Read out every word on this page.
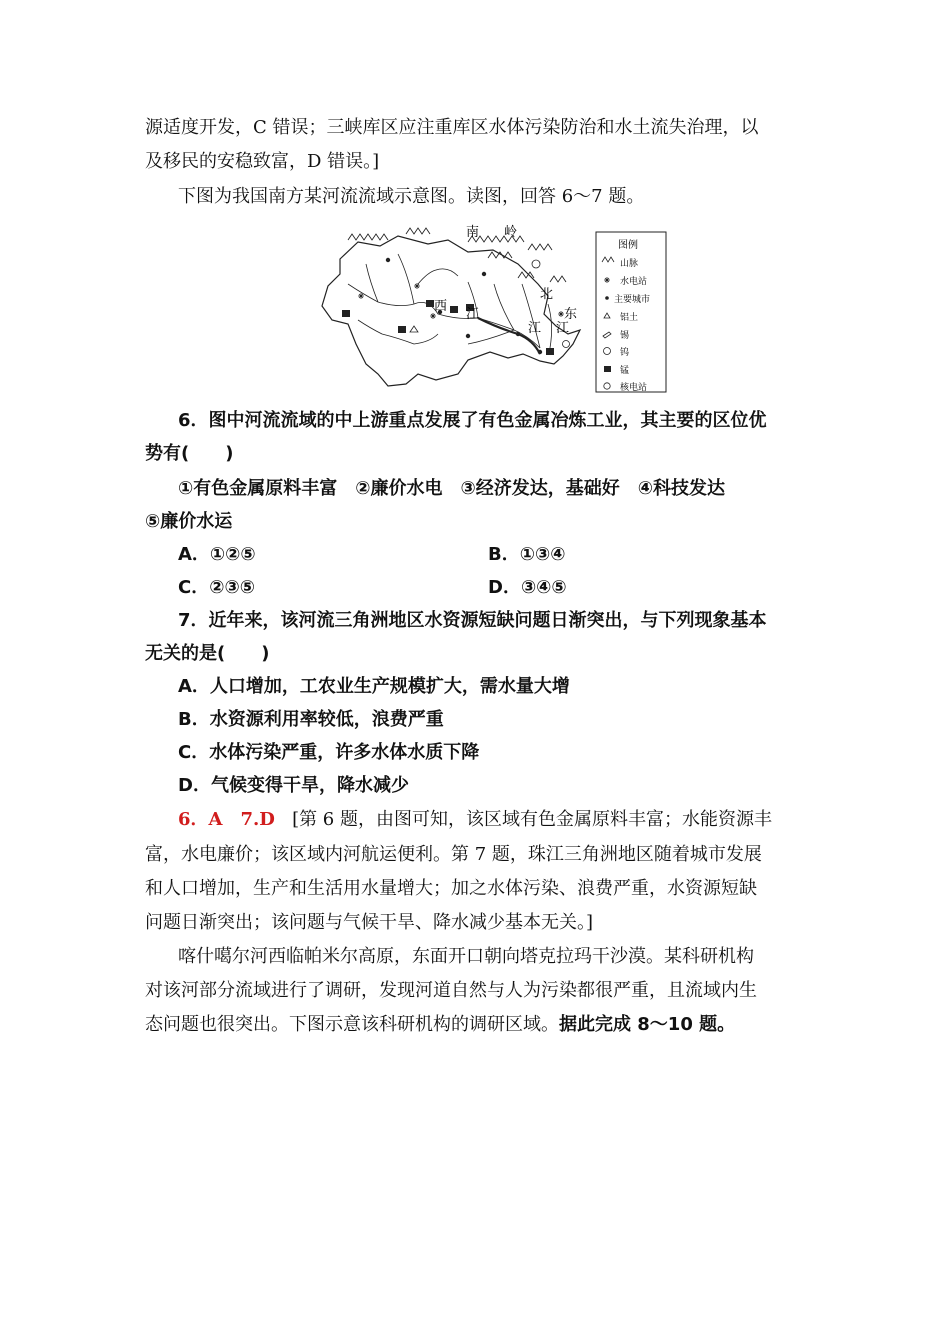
源适度开发，C 错误；三峡库区应注重库区水体污染防治和水土流失治理，以
及移民的安稳致富，D 错误。]
下图为我国南方某河流流域示意图。读图，回答 6～7 题。
南 岭
西
江
江
北
东
江
图例
山脉
水电站
主要城市
铝土
锡
钨
锰
核电站
6．图中河流流域的中上游重点发展了有色金属冶炼工业，其主要的区位优
势有(　　)
①有色金属原料丰富　②廉价水电　③经济发达，基础好　④科技发达
⑤廉价水运
A．①②⑤	B．①③④
C．②③⑤	D．③④⑤
7．近年来，该河流三角洲地区水资源短缺问题日渐突出，与下列现象基本
无关的是(　　)
A．人口增加，工农业生产规模扩大，需水量大增
B．水资源利用率较低，浪费严重
C．水体污染严重，许多水体水质下降
D．气候变得干旱，降水减少
6．A　7.D [第 6 题，由图可知，该区域有色金属原料丰富；水能资源丰
富，水电廉价；该区域内河航运便利。第 7 题，珠江三角洲地区随着城市发展
和人口增加，生产和生活用水量增大；加之水体污染、浪费严重，水资源短缺
问题日渐突出；该问题与气候干旱、降水减少基本无关。]
喀什噶尔河西临帕米尔高原，东面开口朝向塔克拉玛干沙漠。某科研机构
对该河部分流域进行了调研，发现河道自然与人为污染都很严重，且流域内生
态问题也很突出。下图示意该科研机构的调研区域。据此完成 8～10 题。
